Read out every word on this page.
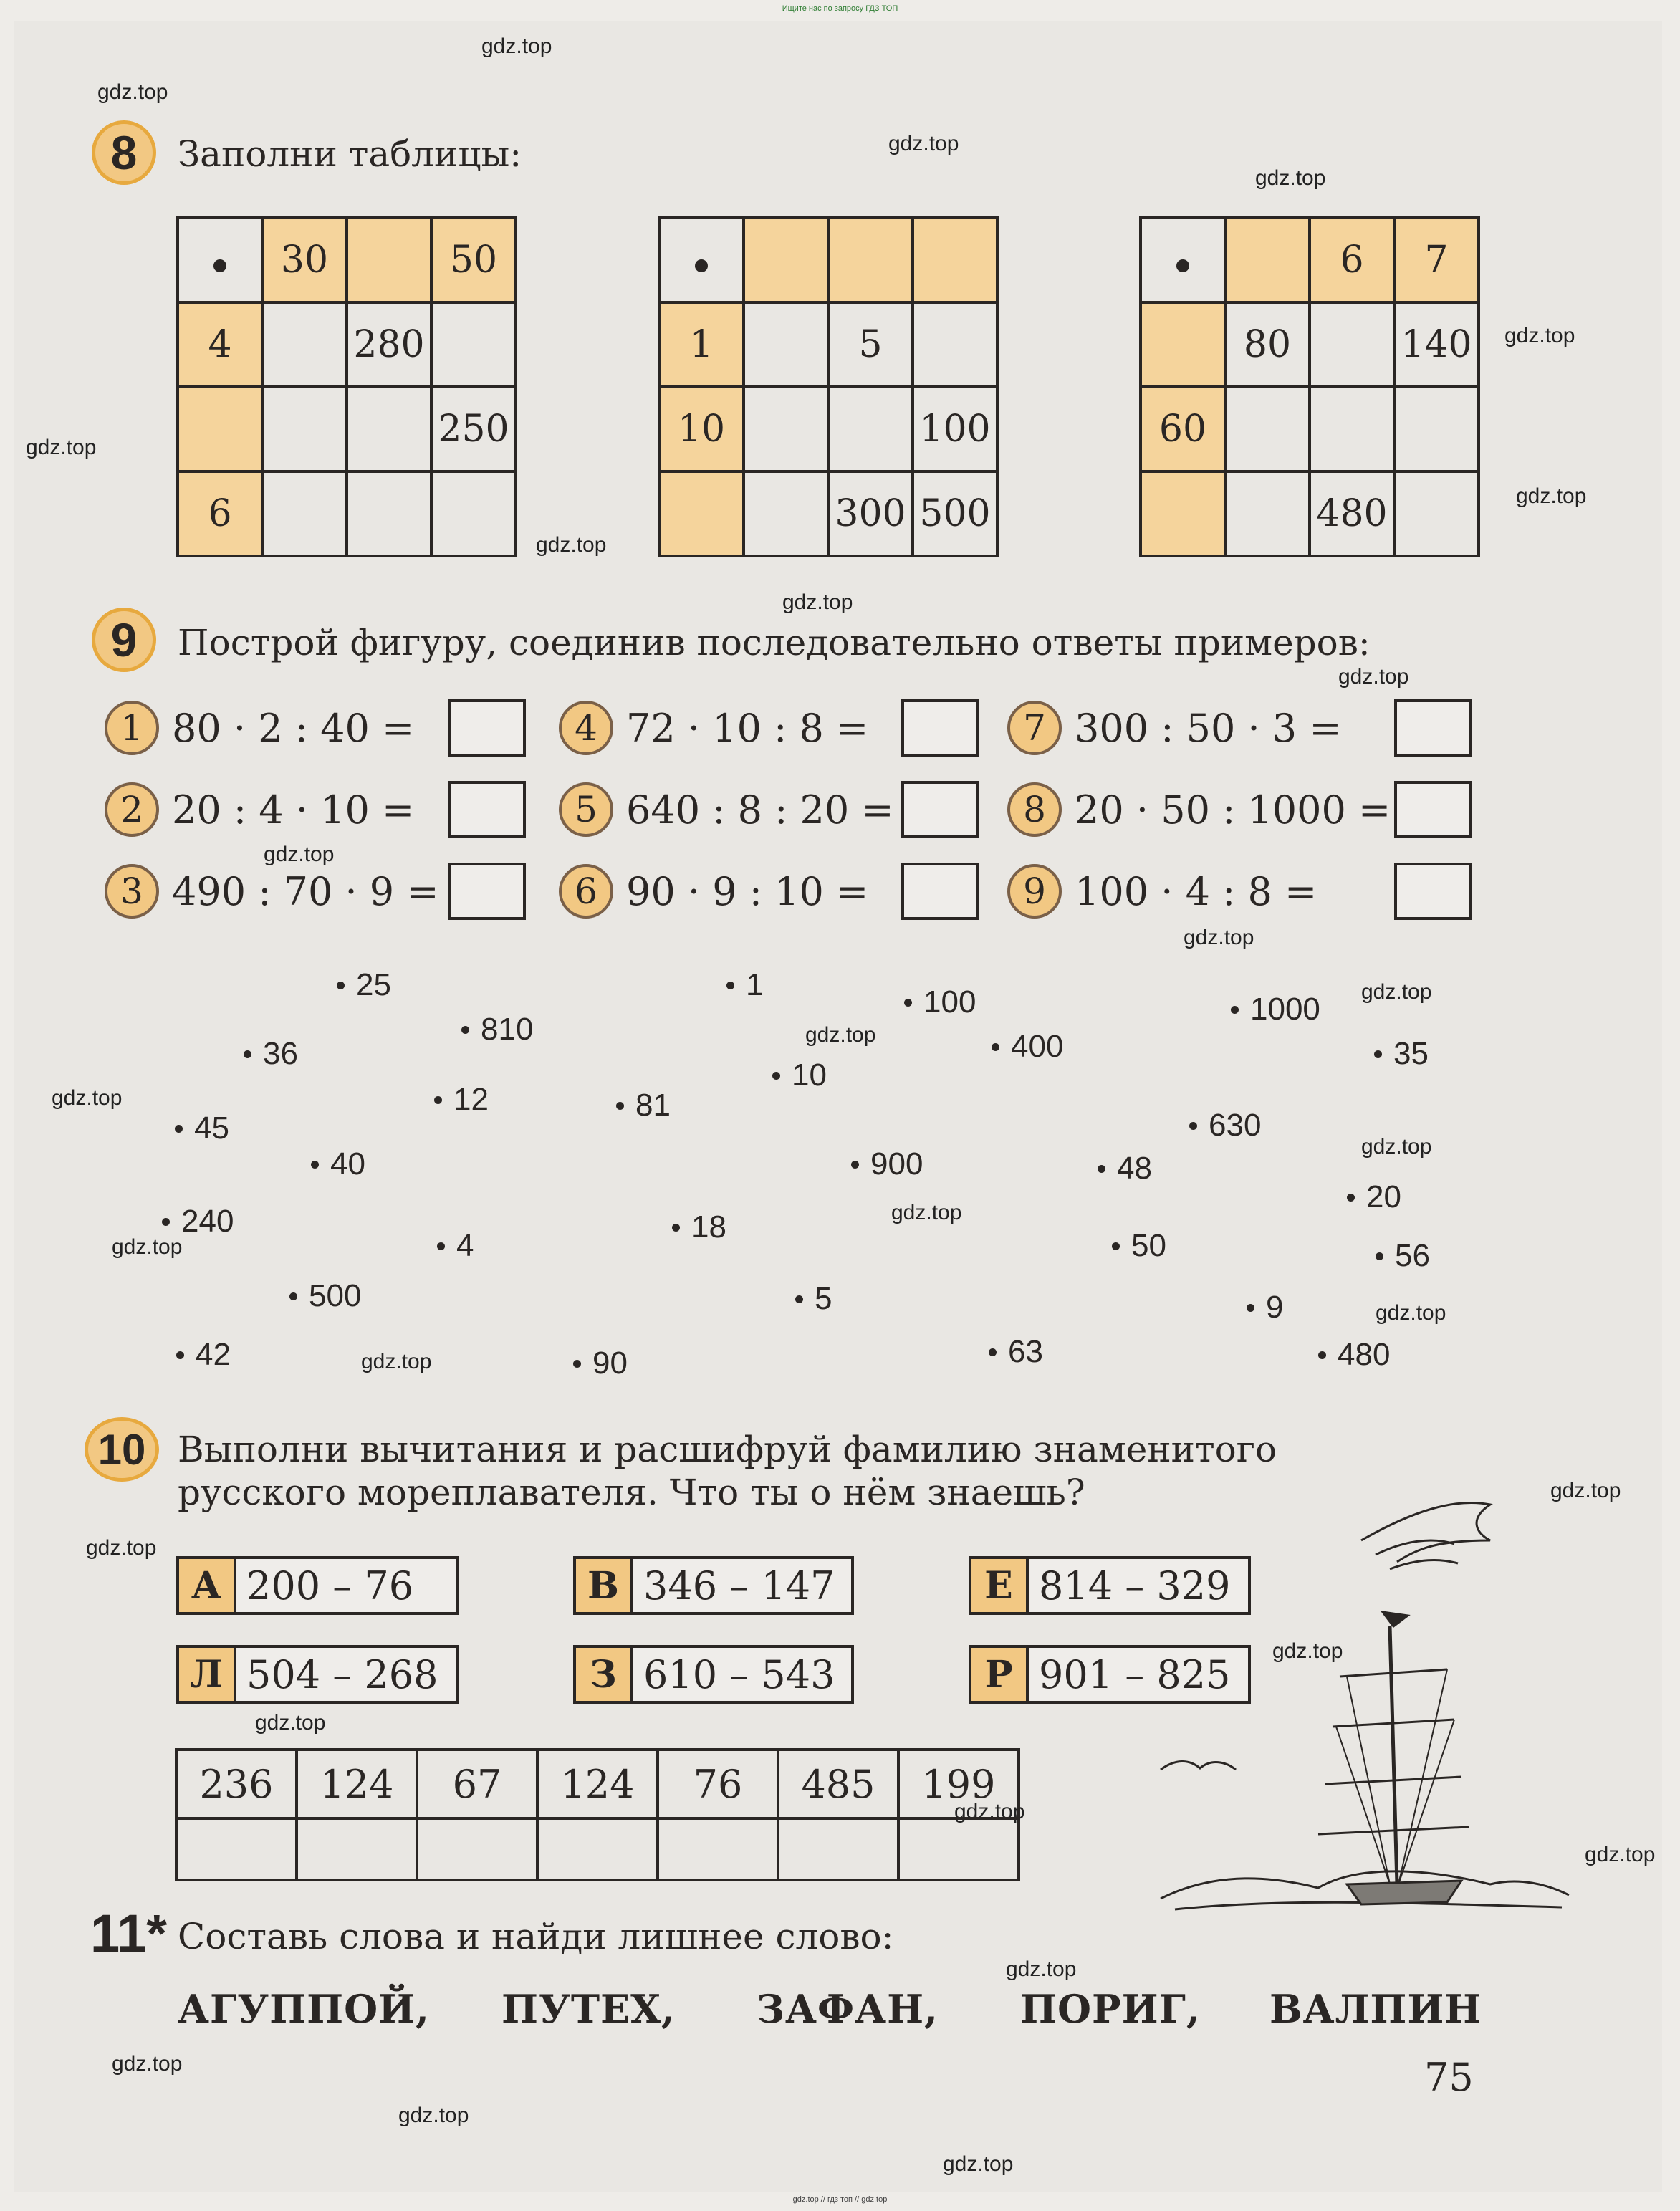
Ищите нас по запросу ГДЗ ТОП
gdz.top
gdz.top
gdz.top
gdz.top
gdz.top
gdz.top
gdz.top
gdz.top
gdz.top
gdz.top
gdz.top
gdz.top
gdz.top
gdz.top
gdz.top
gdz.top
gdz.top
gdz.top
gdz.top
gdz.top
gdz.top
gdz.top
gdz.top
gdz.top
gdz.top
gdz.top
gdz.top
gdz.top
gdz.top
gdz.top
8	Заполни таблицы:
	30		50
4		280	
			250
6			

1		5	
10			100
		300	500
		6	7
	80		140
60			
		480	
9	Построй фигуру, соединив последовательно ответы примеров:
1 80 · 2 : 40 =
2 20 : 4 · 10 =
3 490 : 70 · 9 =
4 72 · 10 : 8 =
5 640 : 8 : 20 =
6 90 · 9 : 10 =
7 300 : 50 · 3 =
8 20 · 50 : 1000 =
9 100 · 4 : 8 =
25
810
36
45
40
12
240
4
500
42
1	100
400
10
81
900
18
5
90
1000
35
630
48
20
50	56
9
63	480
10 Выполни вычитания и расшифруй фамилию знаменитого
русского мореплавателя. Что ты о нём знаешь?
А 200 – 76	В 346 – 147	Е 814 – 329
Л 504 – 268	З 610 – 543	Р 901 – 825
236	124	67	124	76	485	199

11* Составь слова и найди лишнее слово:
АГУППОЙ, ПУТЕХ, ЗАФАН, ПОРИГ, ВАЛПИН
75
gdz.top // гдз топ // gdz.top
